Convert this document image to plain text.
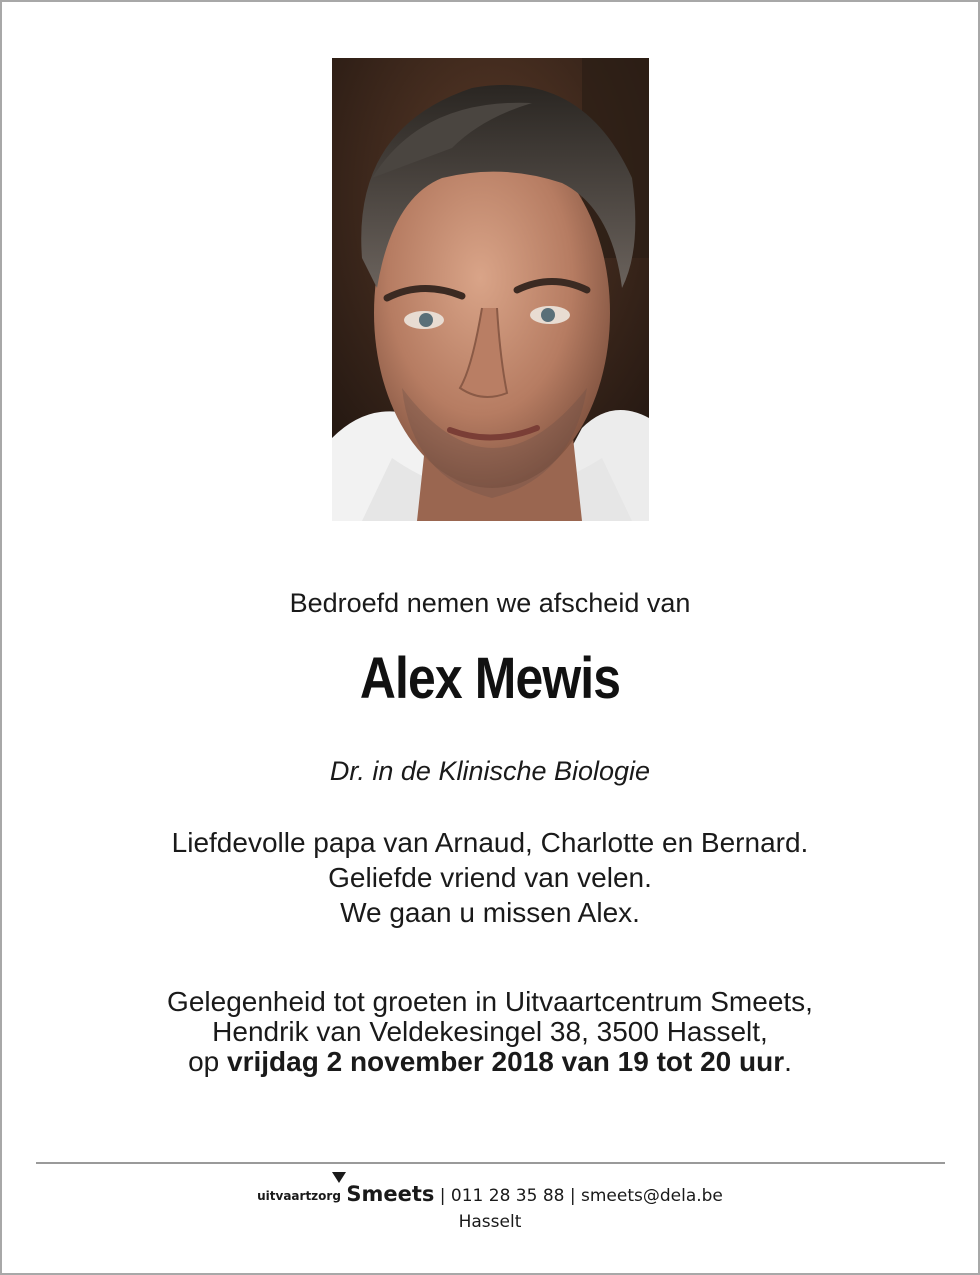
Bedroefd nemen we afscheid van
Alex Mewis
Dr. in de Klinische Biologie
Liefdevolle papa van Arnaud, Charlotte en Bernard.
Geliefde vriend van velen.
We gaan u missen Alex.
Gelegenheid tot groeten in Uitvaartcentrum Smeets,
Hendrik van Veldekesingel 38, 3500 Hasselt,
op vrijdag 2 november 2018 van 19 tot 20 uur.
uitvaartzorg Smeets | 011 28 35 88 | smeets@dela.be
Hasselt
